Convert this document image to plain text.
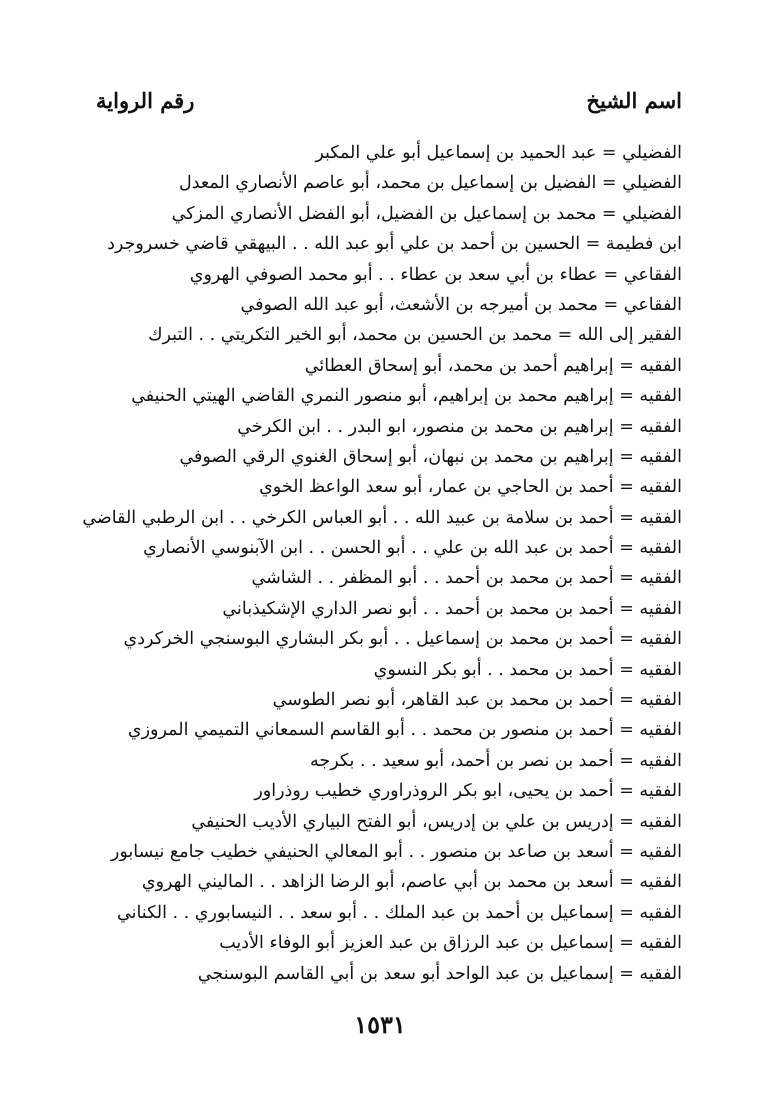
اسم الشيخ
رقم الرواية
الفضيلي = عبد الحميد بن إسماعيل أبو علي المكبر
الفضيلي = الفضيل بن إسماعيل بن محمد، أبو عاصم الأنصاري المعدل
الفضيلي = محمد بن إسماعيل بن الفضيل، أبو الفضل الأنصاري المزكي
ابن فطيمة = الحسين بن أحمد بن علي أبو عبد الله . . البيهقي قاضي خسروجرد
الفقاعي = عطاء بن أبي سعد بن عطاء . . أبو محمد الصوفي الهروي
الفقاعي = محمد بن أميرجه بن الأشعث، أبو عبد الله الصوفي
الفقير إلى الله = محمد بن الحسين بن محمد، أبو الخير التكريتي . . التبرك
الفقيه = إبراهيم أحمد بن محمد، أبو إسحاق العطائي
الفقيه = إبراهيم محمد بن إبراهيم، أبو منصور النمري القاضي الهيتي الحنيفي
الفقيه = إبراهيم بن محمد بن منصور، ابو البدر . . ابن الكرخي
الفقيه = إبراهيم بن محمد بن نبهان، أبو إسحاق الغنوي الرقي الصوفي
الفقيه = أحمد بن الحاجي بن عمار، أبو سعد الواعظ الخوي
الفقيه = أحمد بن سلامة بن عبيد الله . . أبو العباس الكرخي . . ابن الرطبي القاضي
الفقيه = أحمد بن عبد الله بن علي . . أبو الحسن . . ابن الآبنوسي الأنصاري
الفقيه = أحمد بن محمد بن أحمد . . أبو المظفر . . الشاشي
الفقيه = أحمد بن محمد بن أحمد . . أبو نصر الداري الإشكيذباني
الفقيه = أحمد بن محمد بن إسماعيل . . أبو بكر البشاري البوسنجي الخركردي
الفقيه = أحمد بن محمد . . أبو بكر النسوي
الفقيه = أحمد بن محمد بن عبد القاهر، أبو نصر الطوسي
الفقيه = أحمد بن منصور بن محمد . . أبو القاسم السمعاني التميمي المروزي
الفقيه = أحمد بن نصر بن أحمد، أبو سعيد . . بكرجه
الفقيه = أحمد بن يحيى، ابو بكر الروذراوري خطيب روذراور
الفقيه = إدريس بن علي بن إدريس، أبو الفتح البياري الأديب الحنيفي
الفقيه = أسعد بن صاعد بن منصور . . أبو المعالي الحنيفي خطيب جامع نيسابور
الفقيه = أسعد بن محمد بن أبي عاصم، أبو الرضا الزاهد . . الماليني الهروي
الفقيه = إسماعيل بن أحمد بن عبد الملك . . أبو سعد . . النيسابوري . . الكناني
الفقيه = إسماعيل بن عبد الرزاق بن عبد العزيز أبو الوفاء الأديب
الفقيه = إسماعيل بن عبد الواحد أبو سعد بن أبي القاسم البوسنجي
١٥٣١
